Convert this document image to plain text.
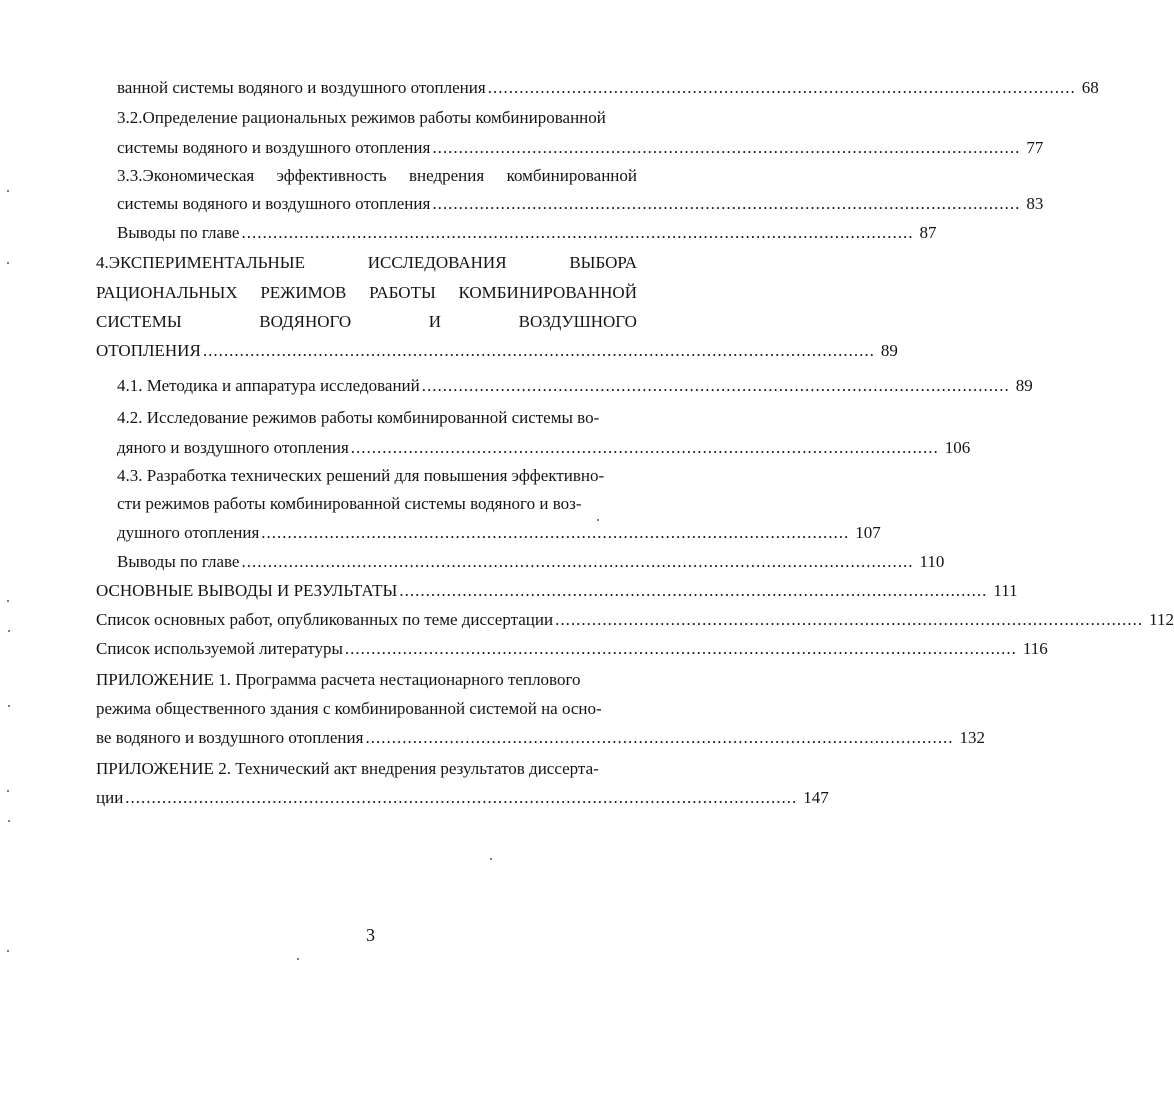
ванной системы водяного и воздушного отопления ................................................................................................................ 68
3.2.Определение рациональных режимов работы комбинированной
системы водяного и воздушного отопления ................................................................................................................ 77
3.3.Экономическая эффективность внедрения комбинированной
системы водяного и воздушного отопления ................................................................................................................ 83
Выводы по главе ................................................................................................................................ 87
4.ЭКСПЕРИМЕНТАЛЬНЫЕ	ИССЛЕДОВАНИЯ	ВЫБОРА
РАЦИОНАЛЬНЫХ РЕЖИМОВ РАБОТЫ КОМБИНИРОВАННОЙ
СИСТЕМЫ	ВОДЯНОГО	И	ВОЗДУШНОГО
ОТОПЛЕНИЯ ................................................................................................................................ 89
4.1. Методика и аппаратура исследований ................................................................................................................ 89
4.2. Исследование режимов работы комбинированной системы во-
дяного и воздушного отопления ................................................................................................................ 106
4.3. Разработка технических решений для повышения эффективно-
сти режимов работы комбинированной системы водяного и воз-
душного отопления ................................................................................................................ 107
Выводы по главе ................................................................................................................................ 110
ОСНОВНЫЕ ВЫВОДЫ И РЕЗУЛЬТАТЫ ................................................................................................................ 111
Список основных работ, опубликованных по теме диссертации ................................................................................................................ 112
Список используемой литературы ................................................................................................................................ 116
ПРИЛОЖЕНИЕ 1. Программа расчета нестационарного теплового
режима общественного здания с комбинированной системой на осно-
ве водяного и воздушного отопления ................................................................................................................ 132
ПРИЛОЖЕНИЕ 2. Технический акт внедрения результатов диссерта-
ции ................................................................................................................................ 147
3
